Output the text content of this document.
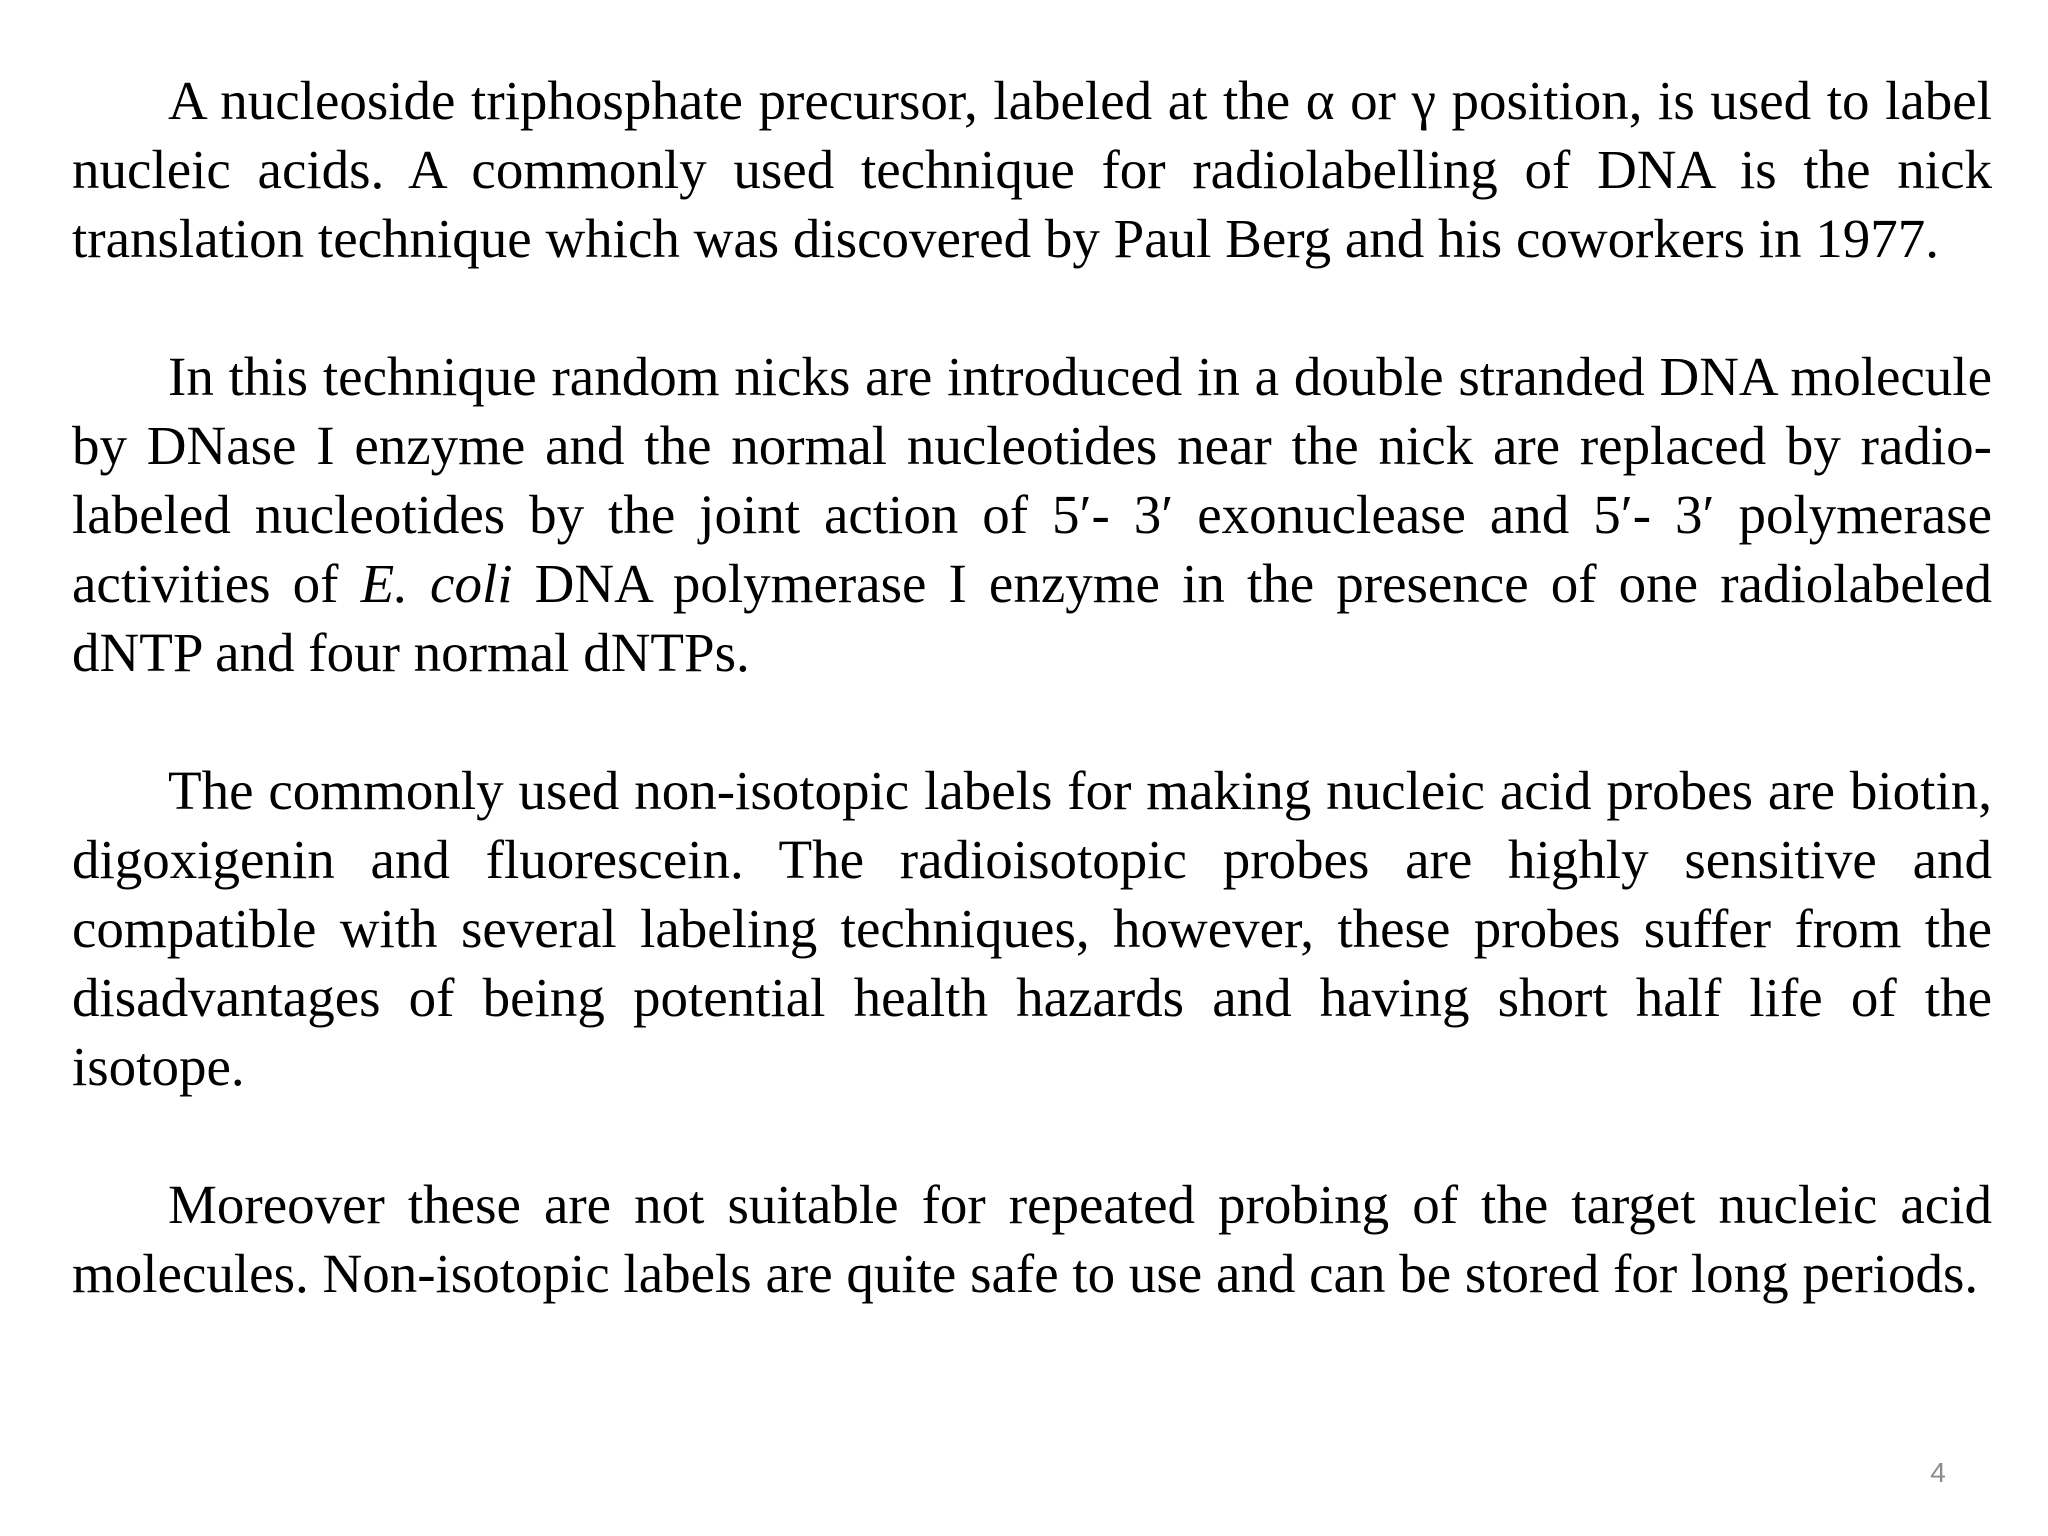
A nucleoside triphosphate precursor, labeled at the α or γ position, is used to label nucleic acids. A commonly used technique for radiolabelling of DNA is the nick translation technique which was discovered by Paul Berg and his coworkers in 1977.

In this technique random nicks are introduced in a double stranded DNA molecule by DNase I enzyme and the normal nucleotides near the nick are replaced by radio-labeled nucleotides by the joint action of 5′- 3′ exonuclease and 5′- 3′ polymerase activities of E. coli DNA polymerase I enzyme in the presence of one radiolabeled dNTP and four normal dNTPs.

The commonly used non-isotopic labels for making nucleic acid probes are biotin, digoxigenin and fluorescein. The radioisotopic probes are highly sensitive and compatible with several labeling techniques, however, these probes suffer from the disadvantages of being potential health hazards and having short half life of the isotope.

Moreover these are not suitable for repeated probing of the target nucleic acid molecules. Non-isotopic labels are quite safe to use and can be stored for long periods.

4
